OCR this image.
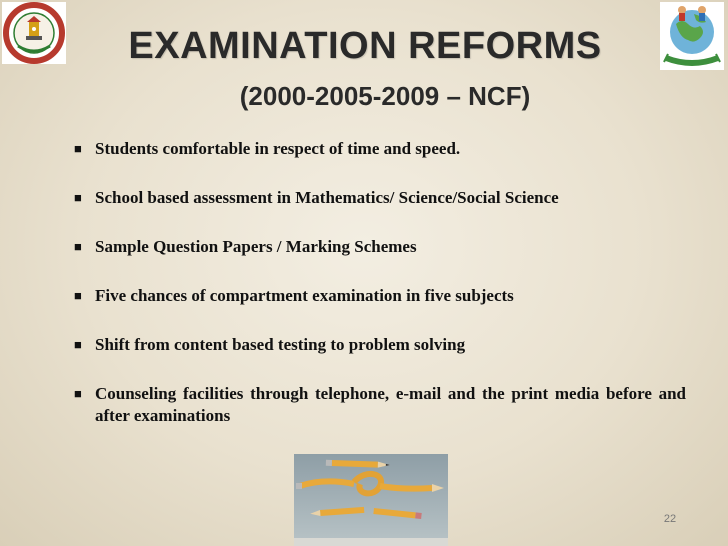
EXAMINATION REFORMS
(2000-2005-2009 – NCF)
■ Students comfortable in respect of time and speed.
■ School based assessment in Mathematics/ Science/Social Science
■ Sample Question Papers / Marking Schemes
■ Five chances of compartment examination in five subjects
■ Shift from content based testing to problem solving
■ Counseling facilities through telephone, e-mail and the print media before and after examinations
22
